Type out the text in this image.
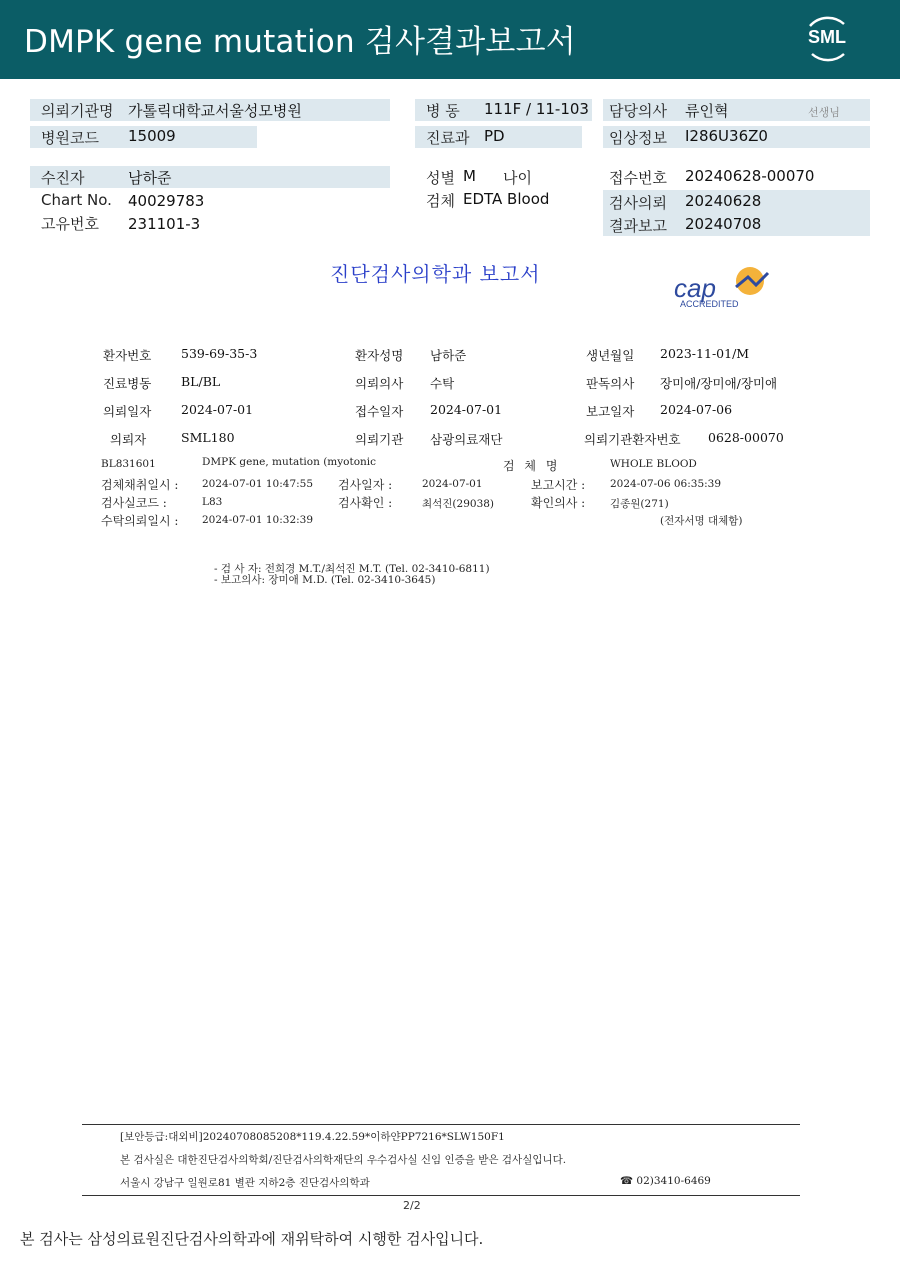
DMPK gene mutation 검사결과보고서	SML
의뢰기관명 가톨릭대학교서울성모병원	병 동 111F / 11-103 담당의사 류인혁	선생님
병원코드 15009	진료과 PD	임상정보 I286U36Z0
수진자	남하준	성별 M 나이	접수번호 20240628-00070
Chart No. 40029783	검체 EDTA Blood	검사의뢰 20240628
고유번호 231101-3	결과보고 20240708
진단검사의학과 보고서	cap
ACCREDITED
환자번호 539-69-35-3	환자성명 남하준	생년월일 2023-11-01/M
진료병동 BL/BL	의뢰의사 수탁	판독의사 장미애/장미애/장미애
의뢰일자 2024-07-01	접수일자 2024-07-01	보고일자 2024-07-06
의뢰자	SML180	의뢰기관 삼광의료재단	의뢰기관환자번호 0628-00070
BL831601	DMPK gene, mutation (myotonic	검 체 명	WHOLE BLOOD
검체채취일시 : 2024-07-01 10:47:55 검사일자 :	2024-07-01	보고시간 : 2024-07-06 06:35:39
검사실코드 :	L83	검사확인 :	최석진(29038)	확인의사 : 김종원(271)
수탁의뢰일시 : 2024-07-01 10:32:39	(전자서명 대체함)
- 검 사 자: 전희경 M.T./최석진 M.T. (Tel. 02-3410-6811)
- 보고의사: 장미애 M.D. (Tel. 02-3410-3645)
[보안등급:대외비]20240708085208*119.4.22.59*이하얀PP7216*SLW150F1
본 검사실은 대한진단검사의학회/진단검사의학재단의 우수검사실 신임 인증을 받은 검사실입니다.
서울시 강남구 일원로81 별관 지하2층 진단검사의학과	☎ 02)3410-6469
2/2
본 검사는 삼성의료원진단검사의학과에 재위탁하여 시행한 검사입니다.
